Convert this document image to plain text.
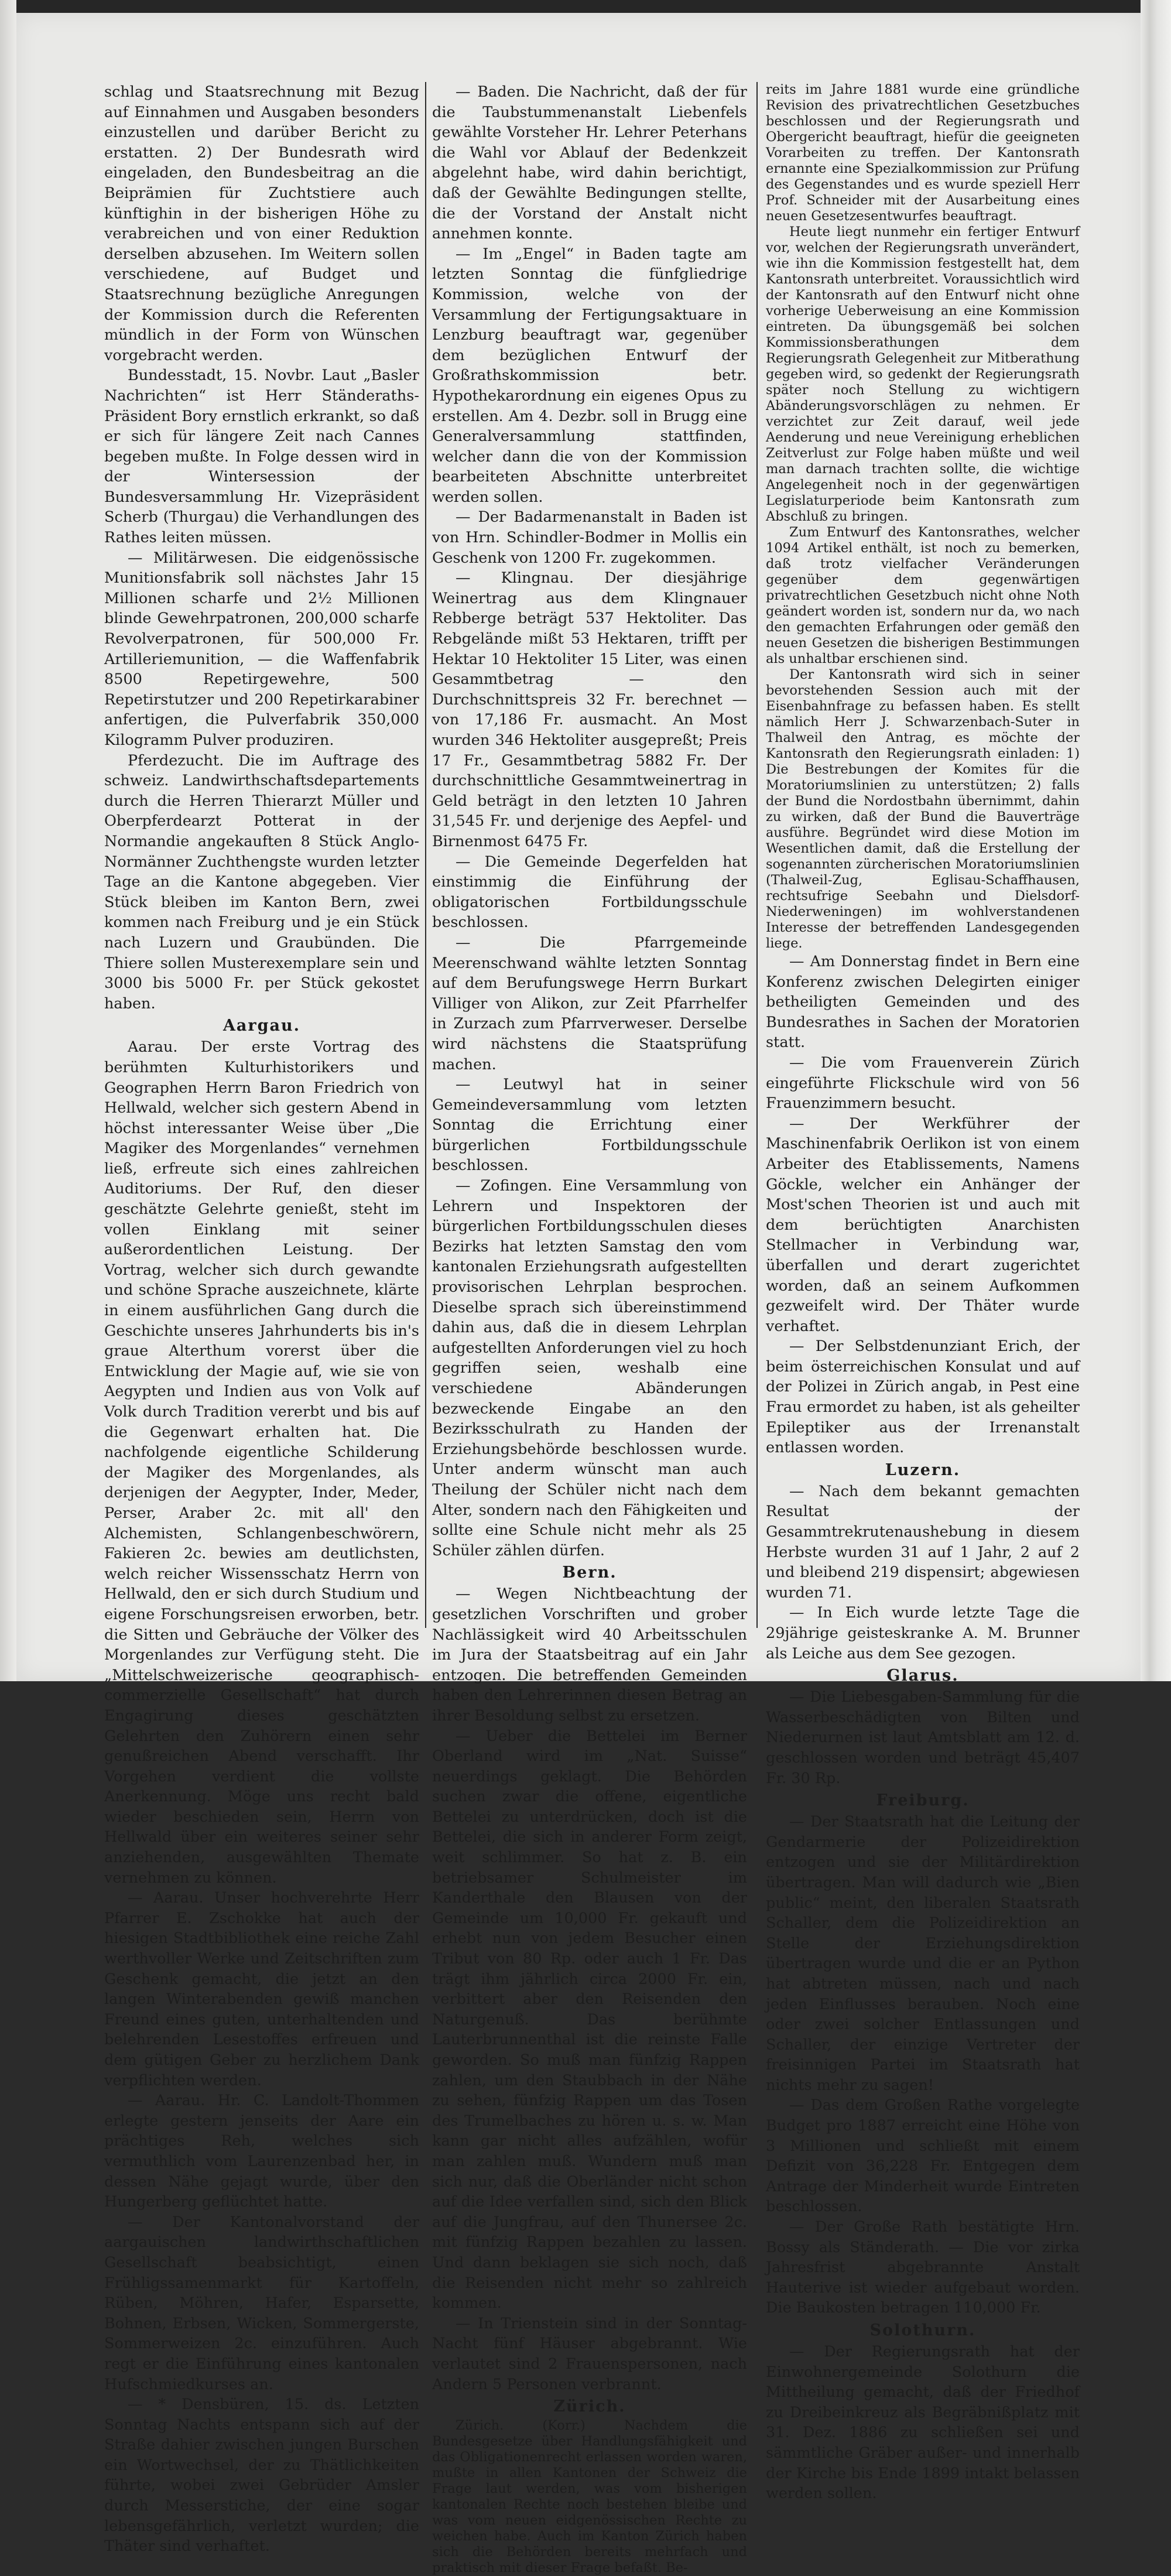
schlag und Staatsrechnung mit Bezug auf Einnahmen und Ausgaben besonders einzustellen und darüber Bericht zu erstatten. 2) Der Bundesrath wird eingeladen, den Bundesbeitrag an die Beiprämien für Zuchtstiere auch künftighin in der bisherigen Höhe zu verabreichen und von einer Reduktion derselben abzusehen. Im Weitern sollen verschiedene, auf Budget und Staatsrechnung bezügliche Anregungen der Kommission durch die Referenten mündlich in der Form von Wünschen vorgebracht werden.

Bundesstadt, 15. Novbr. Laut „Basler Nachrichten“ ist Herr Ständeraths-Präsident Bory ernstlich erkrankt, so daß er sich für längere Zeit nach Cannes begeben mußte. In Folge dessen wird in der Wintersession der Bundesversammlung Hr. Vizepräsident Scherb (Thurgau) die Verhandlungen des Rathes leiten müssen.

— Militärwesen. Die eidgenössische Munitionsfabrik soll nächstes Jahr 15 Millionen scharfe und 2½ Millionen blinde Gewehrpatronen, 200,000 scharfe Revolverpatronen, für 500,000 Fr. Artilleriemunition, — die Waffenfabrik 8500 Repetirgewehre, 500 Repetirstutzer und 200 Repetirkarabiner anfertigen, die Pulverfabrik 350,000 Kilogramm Pulver produziren.

Pferdezucht. Die im Auftrage des schweiz. Landwirthschaftsdepartements durch die Herren Thierarzt Müller und Oberpferdearzt Potterat in der Normandie angekauften 8 Stück Anglo-Normänner Zuchthengste wurden letzter Tage an die Kantone abgegeben. Vier Stück bleiben im Kanton Bern, zwei kommen nach Freiburg und je ein Stück nach Luzern und Graubünden. Die Thiere sollen Musterexemplare sein und 3000 bis 5000 Fr. per Stück gekostet haben.

Aargau.

Aarau. Der erste Vortrag des berühmten Kulturhistorikers und Geographen Herrn Baron Friedrich von Hellwald, welcher sich gestern Abend in höchst interessanter Weise über „Die Magiker des Morgenlandes“ vernehmen ließ, erfreute sich eines zahlreichen Auditoriums. Der Ruf, den dieser geschätzte Gelehrte genießt, steht im vollen Einklang mit seiner außerordentlichen Leistung. Der Vortrag, welcher sich durch gewandte und schöne Sprache auszeichnete, klärte in einem ausführlichen Gang durch die Geschichte unseres Jahrhunderts bis in's graue Alterthum vorerst über die Entwicklung der Magie auf, wie sie von Aegypten und Indien aus von Volk auf Volk durch Tradition vererbt und bis auf die Gegenwart erhalten hat. Die nachfolgende eigentliche Schilderung der Magiker des Morgenlandes, als derjenigen der Aegypter, Inder, Meder, Perser, Araber 2c. mit all' den Alchemisten, Schlangenbeschwörern, Fakieren 2c. bewies am deutlichsten, welch reicher Wissensschatz Herrn von Hellwald, den er sich durch Studium und eigene Forschungsreisen erworben, betr. die Sitten und Gebräuche der Völker des Morgenlandes zur Verfügung steht. Die „Mittelschweizerische geographisch-commerzielle Gesellschaft“ hat durch Engagirung dieses geschätzten Gelehrten den Zuhörern einen sehr genußreichen Abend verschafft. Ihr Vorgehen verdient die vollste Anerkennung. Möge uns recht bald wieder beschieden sein, Herrn von Hellwald über ein weiteres seiner sehr anziehenden, ausgewählten Themate vernehmen zu können.

— Aarau. Unser hochverehrte Herr Pfarrer E. Zschokke hat auch der hiesigen Stadtbibliothek eine reiche Zahl werthvoller Werke und Zeitschriften zum Geschenk gemacht, die jetzt an den langen Winterabenden gewiß manchen Freund eines guten, unterhaltenden und belehrenden Lesestoffes erfreuen und dem gütigen Geber zu herzlichem Dank verpflichten werden.

— Aarau. Hr. C. Landolt-Thommen erlegte gestern jenseits der Aare ein prächtiges Reh, welches sich vermuthlich vom Laurenzenbad her, in dessen Nähe gejagt wurde, über den Hungerberg geflüchtet hatte.

— Der Kantonalvorstand der aargauischen landwirthschaftlichen Gesellschaft beabsichtigt, einen Frühligssamenmarkt für Kartoffeln, Rüben, Möhren, Hafer, Esparsette, Bohnen, Erbsen, Wicken, Sommergerste, Sommerweizen 2c. einzuführen. Auch regt er die Einführung eines kantonalen Hufschmiedkurses an.

— * Densbüren, 15. ds. Letzten Sonntag Nachts entspann sich auf der Straße dahier zwischen jungen Burschen ein Wortwechsel, der zu Thätlichkeiten führte, wobei zwei Gebrüder Amsler durch Messerstiche, der eine sogar lebensgefährlich, verletzt wurden; die Thäter sind verhaftet.

— Baden. Die Nachricht, daß der für die Taubstummenanstalt Liebenfels gewählte Vorsteher Hr. Lehrer Peterhans die Wahl vor Ablauf der Bedenkzeit abgelehnt habe, wird dahin berichtigt, daß der Gewählte Bedingungen stellte, die der Vorstand der Anstalt nicht annehmen konnte.

— Im „Engel“ in Baden tagte am letzten Sonntag die fünfgliedrige Kommission, welche von der Versammlung der Fertigungsaktuare in Lenzburg beauftragt war, gegenüber dem bezüglichen Entwurf der Großrathskommission betr. Hypothekarordnung ein eigenes Opus zu erstellen. Am 4. Dezbr. soll in Brugg eine Generalversammlung stattfinden, welcher dann die von der Kommission bearbeiteten Abschnitte unterbreitet werden sollen.

— Der Badarmenanstalt in Baden ist von Hrn. Schindler-Bodmer in Mollis ein Geschenk von 1200 Fr. zugekommen.

— Klingnau. Der diesjährige Weinertrag aus dem Klingnauer Rebberge beträgt 537 Hektoliter. Das Rebgelände mißt 53 Hektaren, trifft per Hektar 10 Hektoliter 15 Liter, was einen Gesammtbetrag — den Durchschnittspreis 32 Fr. berechnet — von 17,186 Fr. ausmacht. An Most wurden 346 Hektoliter ausgepreßt; Preis 17 Fr., Gesammtbetrag 5882 Fr. Der durchschnittliche Gesammtweinertrag in Geld beträgt in den letzten 10 Jahren 31,545 Fr. und derjenige des Aepfel- und Birnenmost 6475 Fr.

— Die Gemeinde Degerfelden hat einstimmig die Einführung der obligatorischen Fortbildungsschule beschlossen.

— Die Pfarrgemeinde Meerenschwand wählte letzten Sonntag auf dem Berufungswege Herrn Burkart Villiger von Alikon, zur Zeit Pfarrhelfer in Zurzach zum Pfarrverweser. Derselbe wird nächstens die Staatsprüfung machen.

— Leutwyl hat in seiner Gemeindeversammlung vom letzten Sonntag die Errichtung einer bürgerlichen Fortbildungsschule beschlossen.

— Zofingen. Eine Versammlung von Lehrern und Inspektoren der bürgerlichen Fortbildungsschulen dieses Bezirks hat letzten Samstag den vom kantonalen Erziehungsrath aufgestellten provisorischen Lehrplan besprochen. Dieselbe sprach sich übereinstimmend dahin aus, daß die in diesem Lehrplan aufgestellten Anforderungen viel zu hoch gegriffen seien, weshalb eine verschiedene Abänderungen bezweckende Eingabe an den Bezirksschulrath zu Handen der Erziehungsbehörde beschlossen wurde. Unter anderm wünscht man auch Theilung der Schüler nicht nach dem Alter, sondern nach den Fähigkeiten und sollte eine Schule nicht mehr als 25 Schüler zählen dürfen.

Bern.

— Wegen Nichtbeachtung der gesetzlichen Vorschriften und grober Nachlässigkeit wird 40 Arbeitsschulen im Jura der Staatsbeitrag auf ein Jahr entzogen. Die betreffenden Gemeinden haben den Lehrerinnen diesen Betrag an ihrer Besoldung selbst zu ersetzen.

— Ueber die Bettelei im Berner Oberland wird im „Nat. Suisse“ neuerdings geklagt. Die Behörden suchen zwar die offene, eigentliche Bettelei zu unterdrücken, doch ist die Bettelei, die sich in anderer Form zeigt, weit schlimmer. So hat z. B. ein betriebsamer Schulmeister im Kanderthale den Blausen von der Gemeinde um 10,000 Fr. gekauft und erhebt nun von jedem Besucher einen Tribut von 80 Rp. oder auch 1 Fr. Das trägt ihm jährlich circa 2000 Fr. ein, verbittert aber den Reisenden den Naturgenuß. Das berühmte Lauterbrunnenthal ist die reinste Falle geworden. So muß man fünfzig Rappen zahlen, um den Staubbach in der Nähe zu sehen, fünfzig Rappen um das Tosen des Trumelbaches zu hören u. s. w. Man kann gar nicht alles aufzählen, wofür man zahlen muß. Wundern muß man sich nur, daß die Oberländer nicht schon auf die Idee verfallen sind, sich den Blick auf die Jungfrau, auf den Thunersee 2c. mit fünfzig Rappen bezahlen zu lassen. Und dann beklagen sie sich noch, daß die Reisenden nicht mehr so zahlreich kommen.

— In Trienstein sind in der Sonntag-Nacht fünf Häuser abgebrannt. Wie verlautet sind 2 Frauenspersonen, nach Andern 5 Personen verbrannt.

Zürich.

Zürich. (Korr.) Nachdem die Bundesgesetze über Handlungsfähigkeit und das Obligationenrecht erlassen worden waren, mußte in allen Kantonen der Schweiz die Frage laut werden, was vom bisherigen kantonalen Rechte noch bestehen bleibe und was vom neuen eidgenössischen Rechte zu weichen habe. Auch im Kanton Zürich haben sich die Behörden bereits mehrfach und praktisch mit dieser Frage befaßt. Be-

reits im Jahre 1881 wurde eine gründliche Revision des privatrechtlichen Gesetzbuches beschlossen und der Regierungsrath und Obergericht beauftragt, hiefür die geeigneten Vorarbeiten zu treffen. Der Kantonsrath ernannte eine Spezialkommission zur Prüfung des Gegenstandes und es wurde speziell Herr Prof. Schneider mit der Ausarbeitung eines neuen Gesetzesentwurfes beauftragt.

Heute liegt nunmehr ein fertiger Entwurf vor, welchen der Regierungsrath unverändert, wie ihn die Kommission festgestellt hat, dem Kantonsrath unterbreitet. Voraussichtlich wird der Kantonsrath auf den Entwurf nicht ohne vorherige Ueberweisung an eine Kommission eintreten. Da übungsgemäß bei solchen Kommissionsberathungen dem Regierungsrath Gelegenheit zur Mitberathung gegeben wird, so gedenkt der Regierungsrath später noch Stellung zu wichtigern Abänderungsvorschlägen zu nehmen. Er verzichtet zur Zeit darauf, weil jede Aenderung und neue Vereinigung erheblichen Zeitverlust zur Folge haben müßte und weil man darnach trachten sollte, die wichtige Angelegenheit noch in der gegenwärtigen Legislaturperiode beim Kantonsrath zum Abschluß zu bringen.

Zum Entwurf des Kantonsrathes, welcher 1094 Artikel enthält, ist noch zu bemerken, daß trotz vielfacher Veränderungen gegenüber dem gegenwärtigen privatrechtlichen Gesetzbuch nicht ohne Noth geändert worden ist, sondern nur da, wo nach den gemachten Erfahrungen oder gemäß den neuen Gesetzen die bisherigen Bestimmungen als unhaltbar erschienen sind.

Der Kantonsrath wird sich in seiner bevorstehenden Session auch mit der Eisenbahnfrage zu befassen haben. Es stellt nämlich Herr J. Schwarzenbach-Suter in Thalweil den Antrag, es möchte der Kantonsrath den Regierungsrath einladen: 1) Die Bestrebungen der Komites für die Moratoriumslinien zu unterstützen; 2) falls der Bund die Nordostbahn übernimmt, dahin zu wirken, daß der Bund die Bauverträge ausführe. Begründet wird diese Motion im Wesentlichen damit, daß die Erstellung der sogenannten zürcherischen Moratoriumslinien (Thalweil-Zug, Eglisau-Schaffhausen, rechtsufrige Seebahn und Dielsdorf-Niederweningen) im wohlverstandenen Interesse der betreffenden Landesgegenden liege.

— Am Donnerstag findet in Bern eine Konferenz zwischen Delegirten einiger betheiligten Gemeinden und des Bundesrathes in Sachen der Moratorien statt.

— Die vom Frauenverein Zürich eingeführte Flickschule wird von 56 Frauenzimmern besucht.

— Der Werkführer der Maschinenfabrik Oerlikon ist von einem Arbeiter des Etablissements, Namens Göckle, welcher ein Anhänger der Most'schen Theorien ist und auch mit dem berüchtigten Anarchisten Stellmacher in Verbindung war, überfallen und derart zugerichtet worden, daß an seinem Aufkommen gezweifelt wird. Der Thäter wurde verhaftet.

— Der Selbstdenunziant Erich, der beim österreichischen Konsulat und auf der Polizei in Zürich angab, in Pest eine Frau ermordet zu haben, ist als geheilter Epileptiker aus der Irrenanstalt entlassen worden.

Luzern.

— Nach dem bekannt gemachten Resultat der Gesammtrekrutenaushebung in diesem Herbste wurden 31 auf 1 Jahr, 2 auf 2 und bleibend 219 dispensirt; abgewiesen wurden 71.

— In Eich wurde letzte Tage die 29jährige geisteskranke A. M. Brunner als Leiche aus dem See gezogen.

Glarus.

— Die Liebesgaben-Sammlung für die Wasserbeschädigten von Bilten und Niederurnen ist laut Amtsblatt am 12. d. geschlossen worden und beträgt 45,407 Fr. 30 Rp.

Freiburg.

— Der Staatsrath hat die Leitung der Gendarmerie der Polizeidirektion entzogen und sie der Militärdirektion übertragen. Man will dadurch wie „Bien public“ meint, den liberalen Staatsrath Schaller, dem die Polizeidirektion an Stelle der Erziehungsdirektion übertragen wurde und die er an Python hat abtreten müssen, nach und nach jeden Einflusses berauben. Noch eine oder zwei solcher Entlassungen und Schaller, der einzige Vertreter der freisinnigen Partei im Staatsrath hat nichts mehr zu sagen!

— Das dem Großen Rathe vorgelegte Budget pro 1887 erreicht eine Höhe von 3 Millionen und schließt mit einem Defizit von 36,228 Fr. Entgegen dem Antrage der Minderheit wurde Eintreten beschlossen.

— Der Große Rath bestätigte Hrn. Bossy als Ständerath. — Die vor zirka Jahresfrist abgebrannte Anstalt Hauterive ist wieder aufgebaut worden. Die Baukosten betragen 110,000 Fr.

Solothurn.

— Der Regierungsrath hat der Einwohnergemeinde Solothurn die Mittheilung gemacht, daß der Friedhof zu Dreibeinkreuz als Begräbnißplatz mit 31. Dez. 1886 zu schließen sei und sämmtliche Gräber außer- und innerhalb der Kirche bis Ende 1899 intakt belassen werden sollen.
